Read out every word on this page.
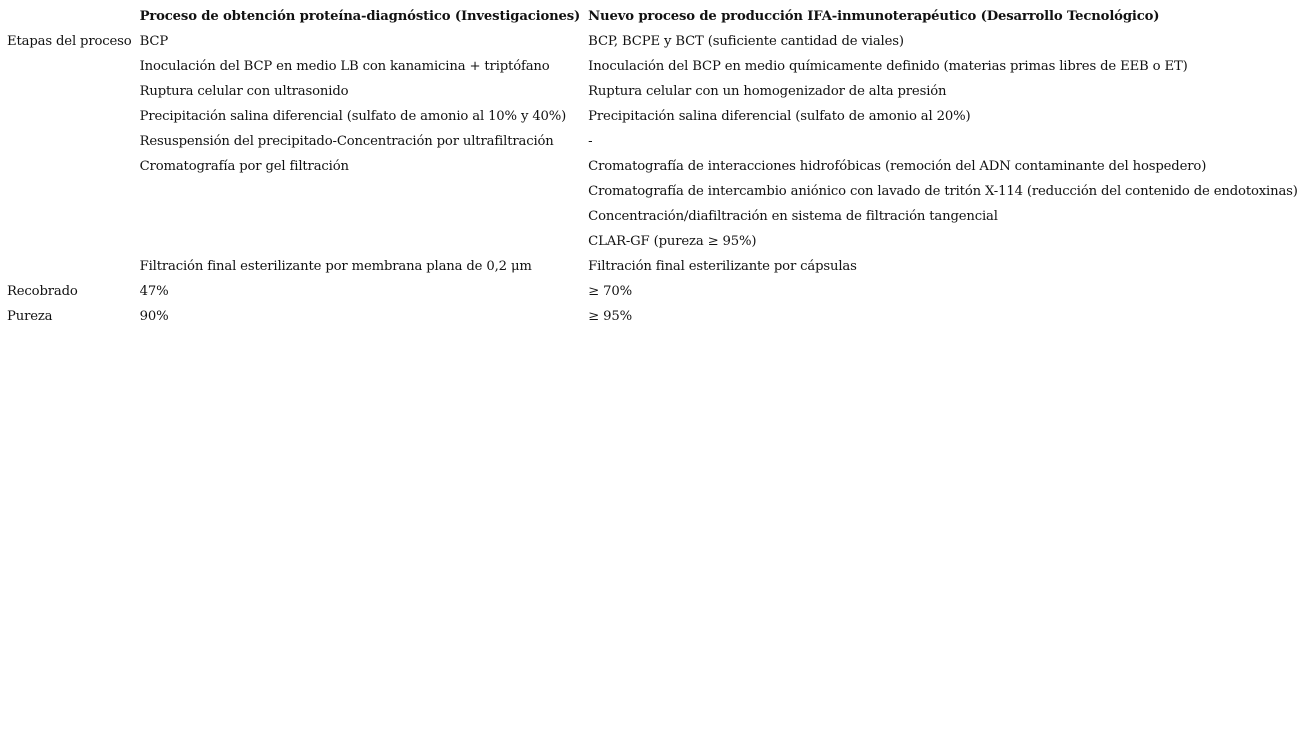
	Proceso de obtención proteína-diagnóstico (Investigaciones)	Nuevo proceso de producción IFA-inmunoterapéutico (Desarrollo Tecnológico)
Etapas del proceso	BCP	BCP, BCPE y BCT (suficiente cantidad de viales)
	Inoculación del BCP en medio LB con kanamicina + triptófano	Inoculación del BCP en medio químicamente definido (materias primas libres de EEB o ET)
	Ruptura celular con ultrasonido	Ruptura celular con un homogenizador de alta presión
	Precipitación salina diferencial (sulfato de amonio al 10% y 40%)	Precipitación salina diferencial (sulfato de amonio al 20%)
	Resuspensión del precipitado-Concentración por ultrafiltración	-
	Cromatografía por gel filtración	Cromatografía de interacciones hidrofóbicas (remoción del ADN contaminante del hospedero)
		Cromatografía de intercambio aniónico con lavado de tritón X-114 (reducción del contenido de endotoxinas)
		Concentración/diafiltración en sistema de filtración tangencial
		CLAR-GF (pureza ≥ 95%)
	Filtración final esterilizante por membrana plana de 0,2 μm	Filtración final esterilizante por cápsulas
Recobrado	47%	≥ 70%
Pureza	90%	≥ 95%
